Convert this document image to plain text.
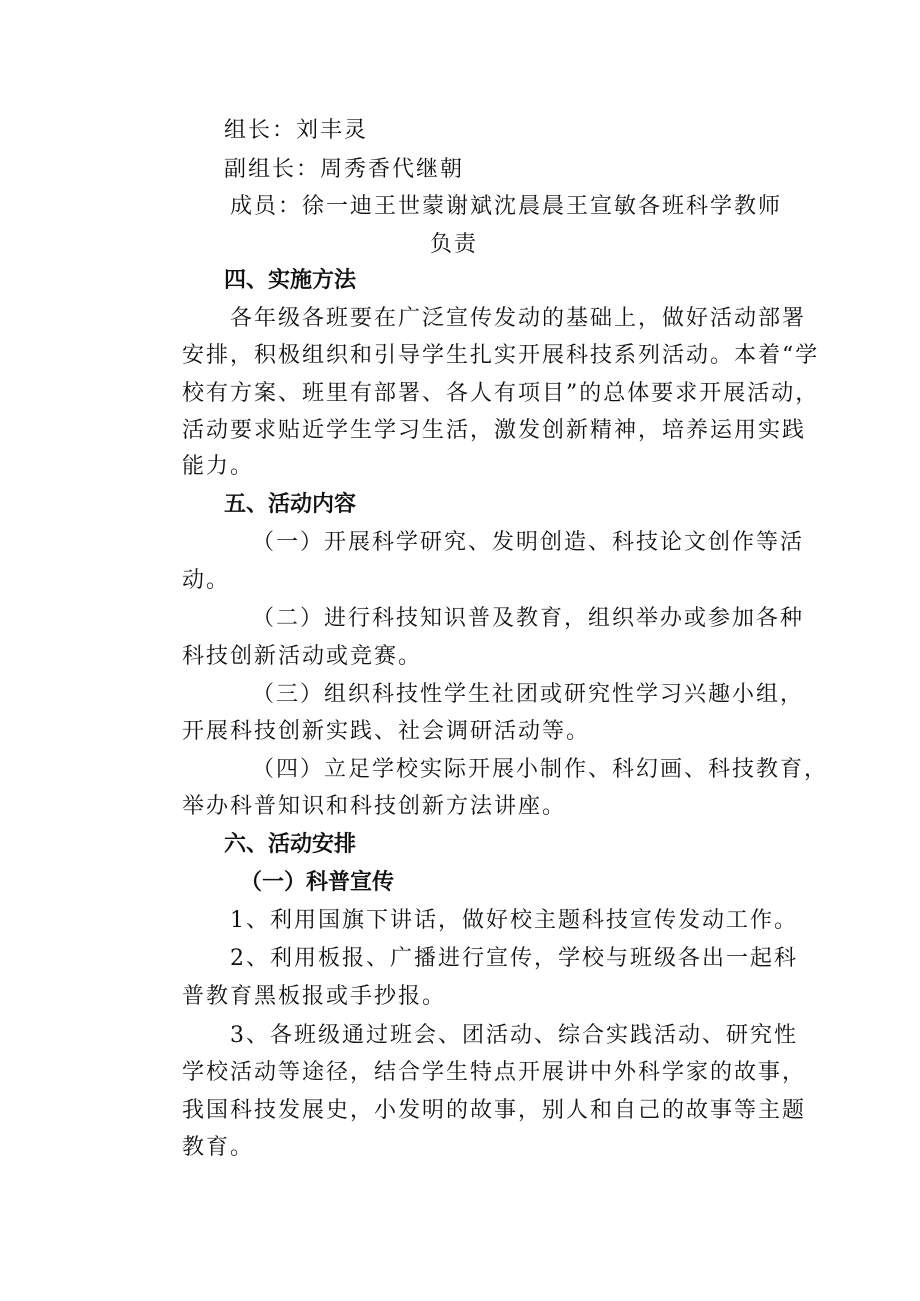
组长：刘丰灵
副组长：周秀香代继朝
成员：徐一迪王世蒙谢斌沈晨晨王宣敏各班科学教师
负责
四、实施方法
各年级各班要在广泛宣传发动的基础上，做好活动部署
安排，积极组织和引导学生扎实开展科技系列活动。本着“学
校有方案、班里有部署、各人有项目”的总体要求开展活动，
活动要求贴近学生学习生活，激发创新精神，培养运用实践
能力。
五、活动内容
（一）开展科学研究、发明创造、科技论文创作等活
动。
（二）进行科技知识普及教育，组织举办或参加各种
科技创新活动或竞赛。
（三）组织科技性学生社团或研究性学习兴趣小组，
开展科技创新实践、社会调研活动等。
（四）立足学校实际开展小制作、科幻画、科技教育，
举办科普知识和科技创新方法讲座。
六、活动安排
（一）科普宣传
1、利用国旗下讲话，做好校主题科技宣传发动工作。
2、利用板报、广播进行宣传，学校与班级各出一起科
普教育黑板报或手抄报。
3、各班级通过班会、团活动、综合实践活动、研究性
学校活动等途径，结合学生特点开展讲中外科学家的故事，
我国科技发展史，小发明的故事，别人和自己的故事等主题
教育。
